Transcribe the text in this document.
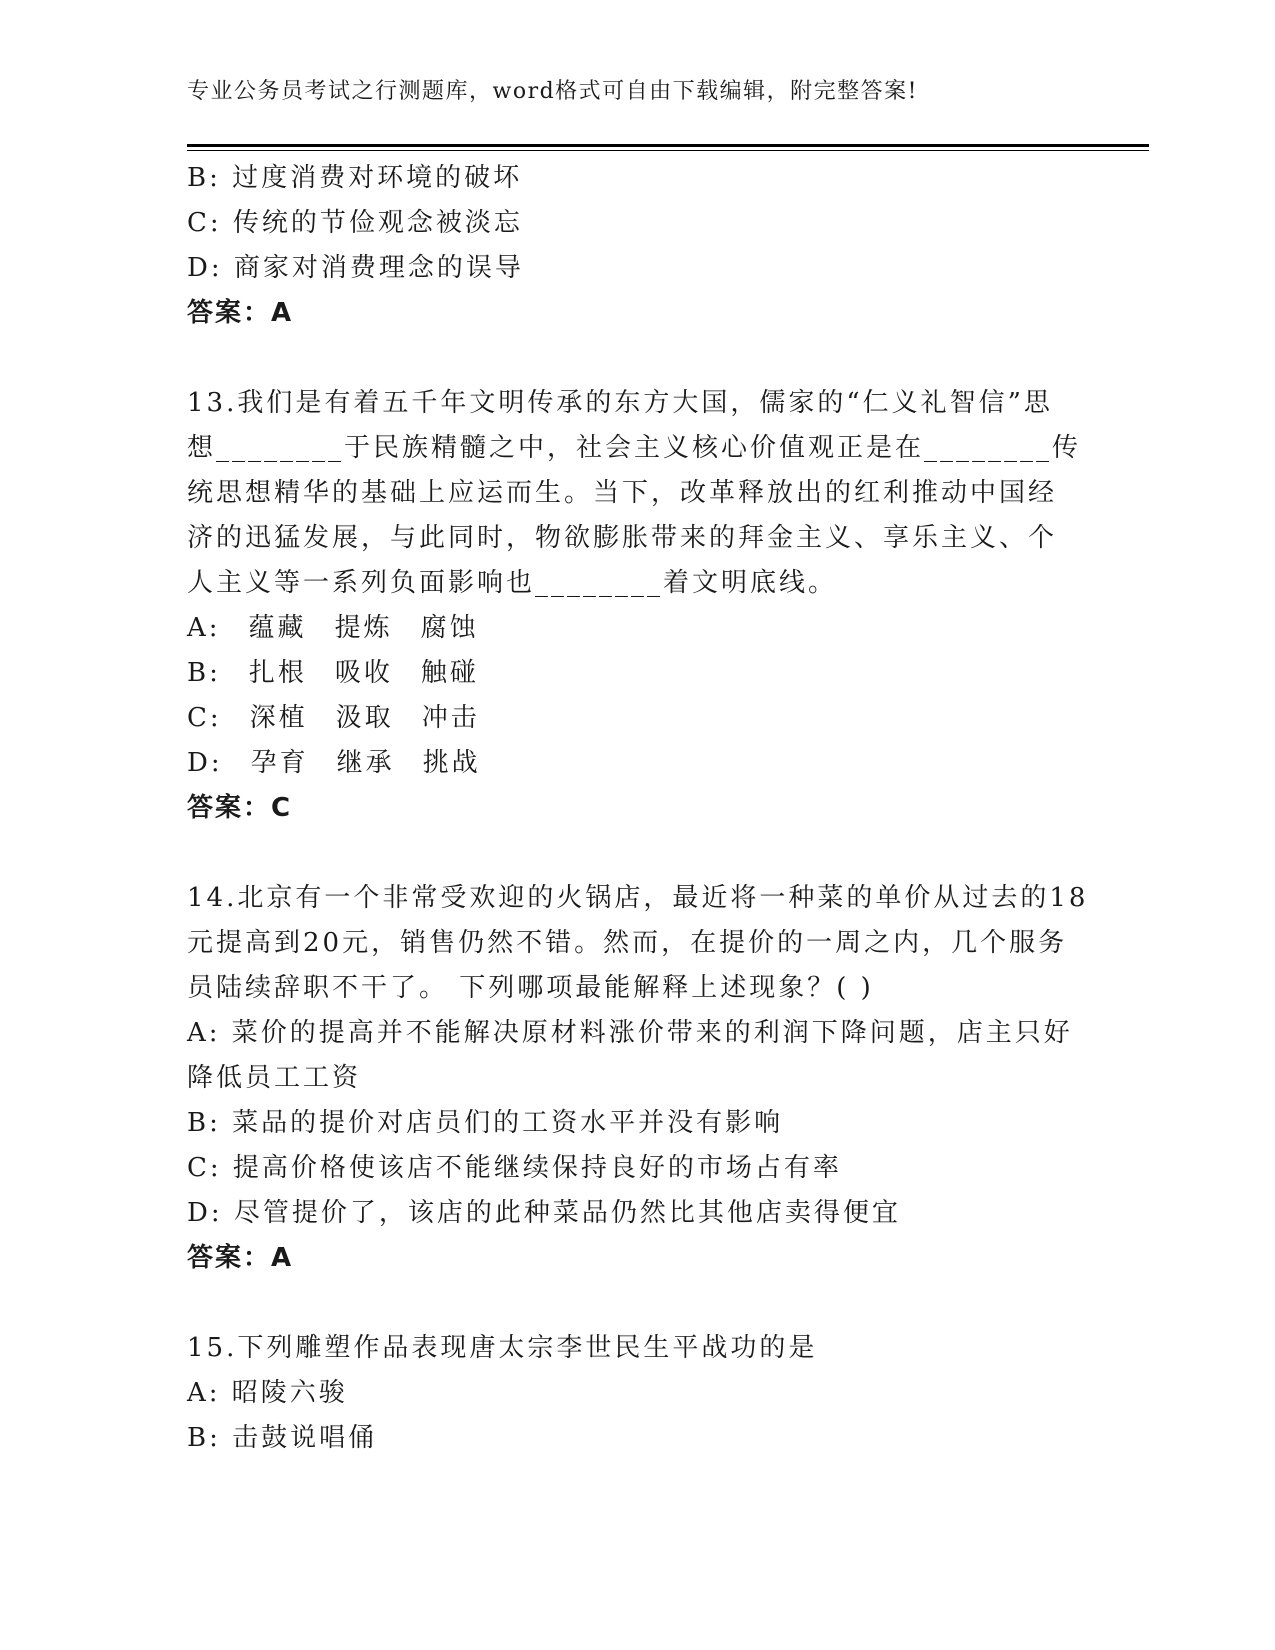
专业公务员考试之行测题库，word格式可自由下载编辑，附完整答案!
B: 过度消费对环境的破坏
C: 传统的节俭观念被淡忘
D: 商家对消费理念的误导
答案：A
13.我们是有着五千年文明传承的东方大国，儒家的“仁义礼智信”思
想________于民族精髓之中，社会主义核心价值观正是在________传
统思想精华的基础上应运而生。当下，改革释放出的红利推动中国经
济的迅猛发展，与此同时，物欲膨胀带来的拜金主义、享乐主义、个
人主义等一系列负面影响也________着文明底线。
A: 蕴藏 提炼 腐蚀
B: 扎根 吸收 触碰
C: 深植 汲取 冲击
D: 孕育 继承 挑战
答案：C
14.北京有一个非常受欢迎的火锅店，最近将一种菜的单价从过去的18
元提高到20元，销售仍然不错。然而，在提价的一周之内，几个服务
员陆续辞职不干了。 下列哪项最能解释上述现象？( )
A: 菜价的提高并不能解决原材料涨价带来的利润下降问题，店主只好
降低员工工资
B: 菜品的提价对店员们的工资水平并没有影响
C: 提高价格使该店不能继续保持良好的市场占有率
D: 尽管提价了，该店的此种菜品仍然比其他店卖得便宜
答案：A
15.下列雕塑作品表现唐太宗李世民生平战功的是
A: 昭陵六骏
B: 击鼓说唱俑
